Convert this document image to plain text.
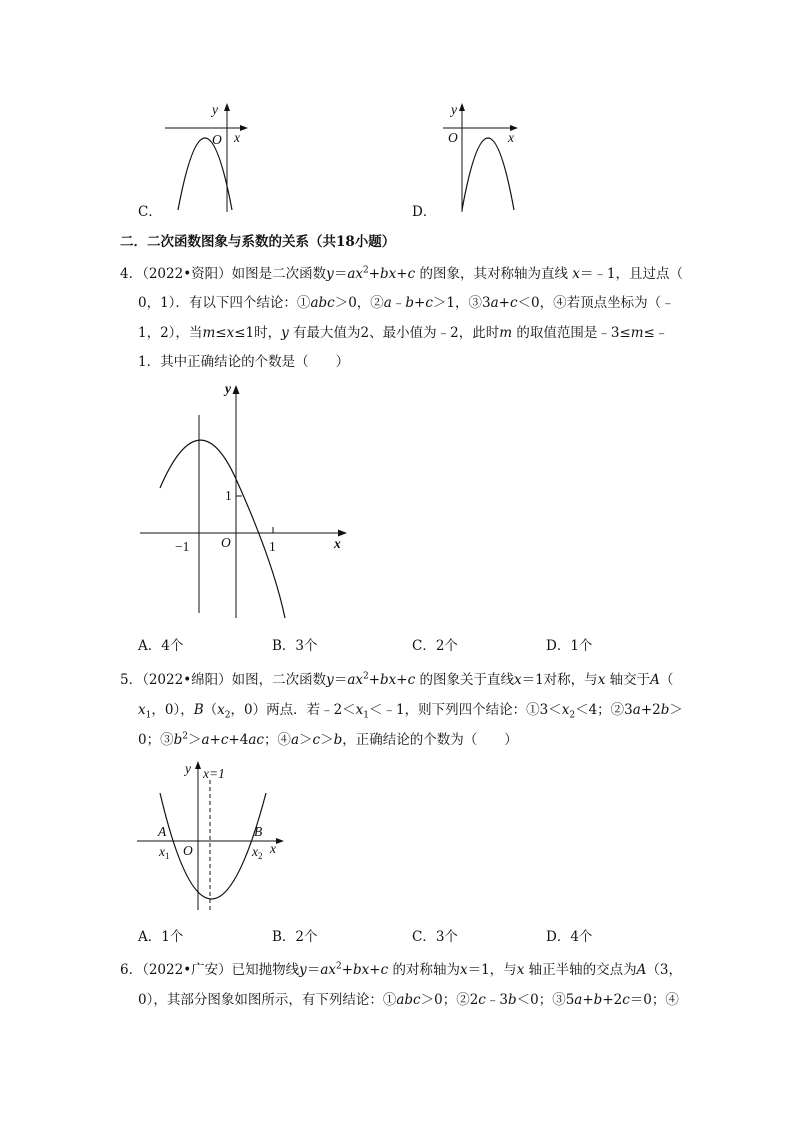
C．
y
x
O
D．
y
x
O
二．二次函数图象与系数的关系（共18小题）
4．（2022•资阳）如图是二次函数$y=ax^2+bx+c$ 的图象，其对称轴为直线 x＝﹣1，且过点（
0，1）．有以下四个结论：①abc＞0，②a﹣b+c＞1，③3a+c＜0，④若顶点坐标为（﹣
1，2），当m≤x≤1时，y 有最大值为2、最小值为﹣2，此时m 的取值范围是﹣3≤m≤﹣
1．其中正确结论的个数是（　　）
y
x
O
1
−1	1
A．4个	B．3个	C．2个	D．1个
5．（2022•绵阳）如图，二次函数$y=ax^2+bx+c$ 的图象关于直线x＝1对称，与x 轴交于A（
$x_1$，0），$B(x_2$，0）两点．若$﹣2<x_1<﹣1$，则下列四个结论：$①3<x_2<4$；②3a+2b＞
0；$③b^2>a+c+4ac$；④a＞c＞b，正确结论的个数为（　　）
y x=1
A	B
O
$x_1$	$x_2$ x
A．1个	B．2个	C．3个	D．4个
6．（2022•广安）已知抛物线$y=ax^2+bx+c$ 的对称轴为x＝1，与x 轴正半轴的交点为A（3，
0），其部分图象如图所示，有下列结论：①abc＞0；②2c﹣3b＜0；③5a+b+2c＝0；④
